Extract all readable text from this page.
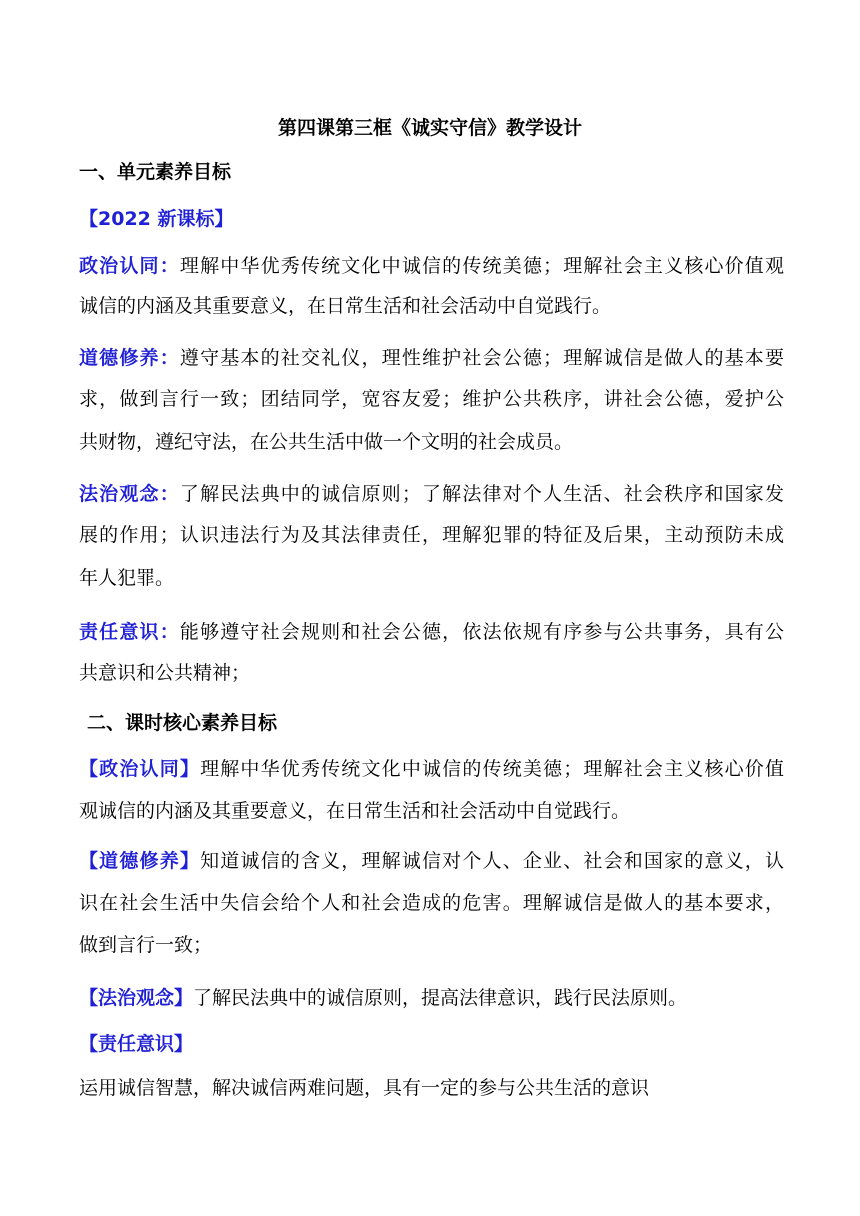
第四课第三框《诚实守信》教学设计
一、单元素养目标
【2022 新课标】
政治认同：理解中华优秀传统文化中诚信的传统美德；理解社会主义核心价值观
诚信的内涵及其重要意义，在日常生活和社会活动中自觉践行。
道德修养：遵守基本的社交礼仪，理性维护社会公德；理解诚信是做人的基本要
求，做到言行一致；团结同学，宽容友爱；维护公共秩序，讲社会公德，爱护公
共财物，遵纪守法，在公共生活中做一个文明的社会成员。
法治观念：了解民法典中的诚信原则；了解法律对个人生活、社会秩序和国家发
展的作用；认识违法行为及其法律责任，理解犯罪的特征及后果，主动预防未成
年人犯罪。
责任意识：能够遵守社会规则和社会公德，依法依规有序参与公共事务，具有公
共意识和公共精神；
二、课时核心素养目标
【政治认同】理解中华优秀传统文化中诚信的传统美德；理解社会主义核心价值
观诚信的内涵及其重要意义，在日常生活和社会活动中自觉践行。
【道德修养】知道诚信的含义，理解诚信对个人、企业、社会和国家的意义，认
识在社会生活中失信会给个人和社会造成的危害。理解诚信是做人的基本要求，
做到言行一致；
【法治观念】了解民法典中的诚信原则，提高法律意识，践行民法原则。
【责任意识】
运用诚信智慧，解决诚信两难问题，具有一定的参与公共生活的意识
